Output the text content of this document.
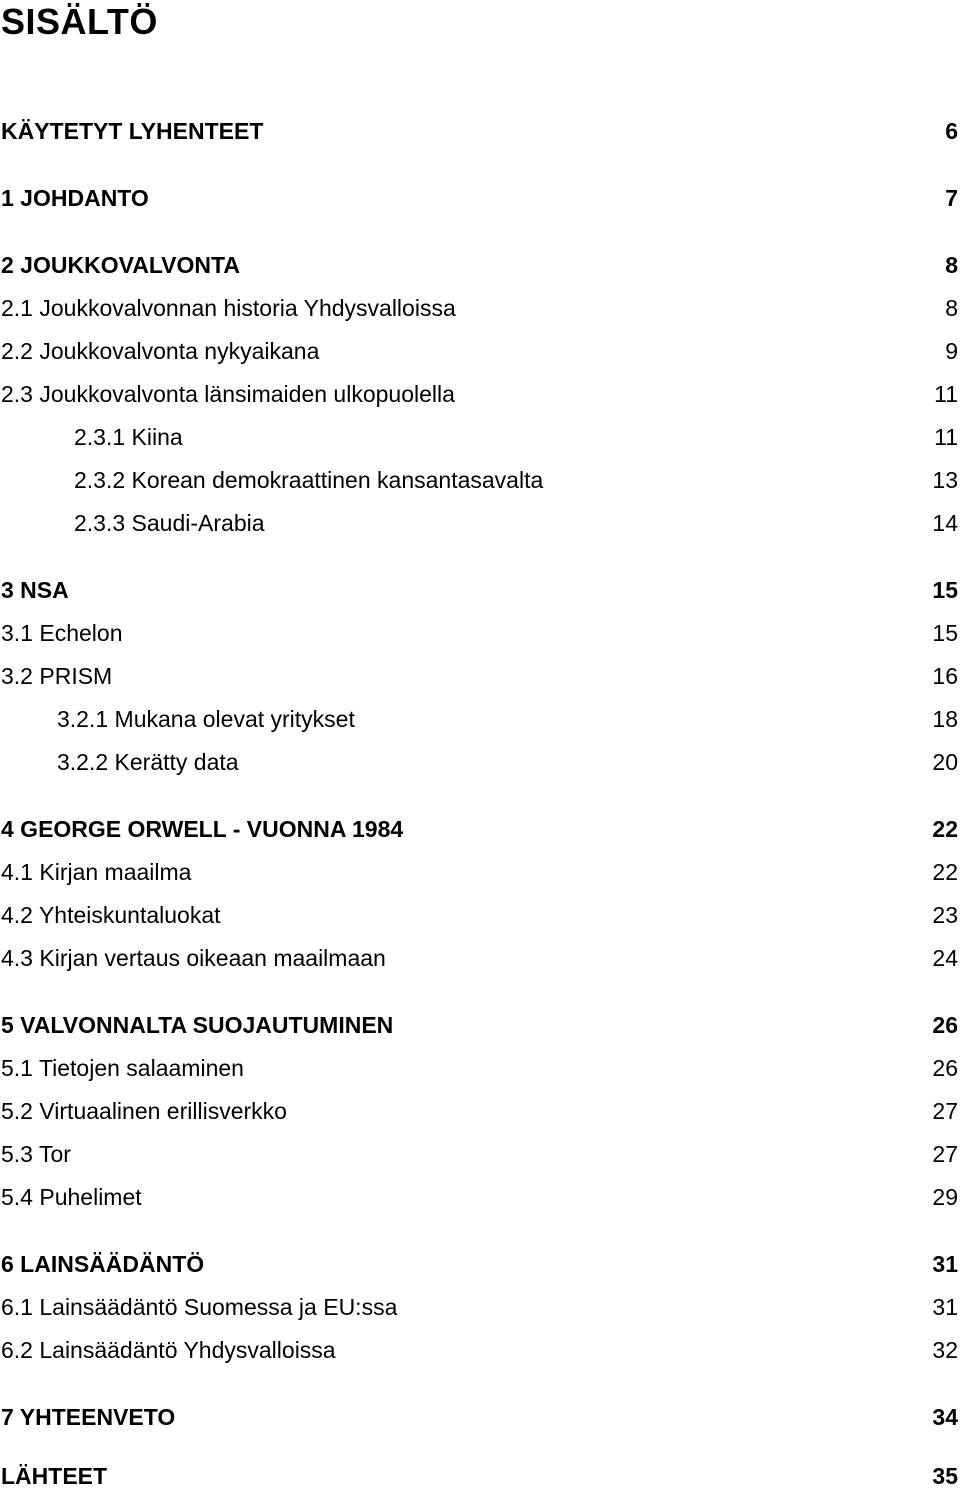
SISÄLTÖ
KÄYTETYT LYHENTEET	6
1 JOHDANTO	7
2 JOUKKOVALVONTA	8
2.1 Joukkovalvonnan historia Yhdysvalloissa	8
2.2 Joukkovalvonta nykyaikana	9
2.3 Joukkovalvonta länsimaiden ulkopuolella	11
2.3.1 Kiina	11
2.3.2 Korean demokraattinen kansantasavalta	13
2.3.3 Saudi-Arabia	14
3 NSA	15
3.1 Echelon	15
3.2 PRISM	16
3.2.1 Mukana olevat yritykset	18
3.2.2 Kerätty data	20
4 GEORGE ORWELL - VUONNA 1984	22
4.1 Kirjan maailma	22
4.2 Yhteiskuntaluokat	23
4.3 Kirjan vertaus oikeaan maailmaan	24
5 VALVONNALTA SUOJAUTUMINEN	26
5.1 Tietojen salaaminen	26
5.2 Virtuaalinen erillisverkko	27
5.3 Tor	27
5.4 Puhelimet	29
6 LAINSÄÄDÄNTÖ	31
6.1 Lainsäädäntö Suomessa ja EU:ssa	31
6.2 Lainsäädäntö Yhdysvalloissa	32
7 YHTEENVETO	34
LÄHTEET	35
